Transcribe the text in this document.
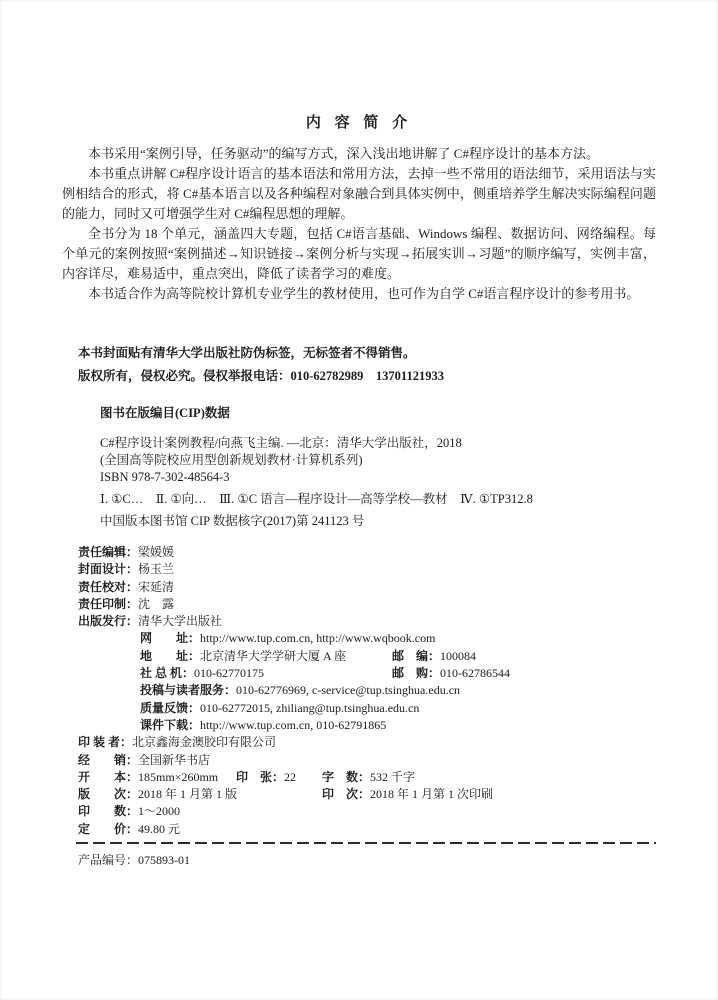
内 容 简 介

本书采用“案例引导，任务驱动”的编写方式，深入浅出地讲解了 C#程序设计的基本方法。

本书重点讲解 C#程序设计语言的基本语法和常用方法，去掉一些不常用的语法细节，采用语法与实例相结合的形式，将 C#基本语言以及各种编程对象融合到具体实例中，侧重培养学生解决实际编程问题的能力，同时又可增强学生对 C#编程思想的理解。

全书分为 18 个单元，涵盖四大专题，包括 C#语言基础、Windows 编程、数据访问、网络编程。每个单元的案例按照“案例描述→知识链接→案例分析与实现→拓展实训→习题”的顺序编写，实例丰富，内容详尽，难易适中，重点突出，降低了读者学习的难度。

本书适合作为高等院校计算机专业学生的教材使用，也可作为自学 C#语言程序设计的参考用书。

本书封面贴有清华大学出版社防伪标签，无标签者不得销售。
版权所有，侵权必究。侵权举报电话：010-62782989　13701121933
图书在版编目(CIP)数据
C#程序设计案例教程/向燕飞主编. —北京：清华大学出版社，2018
(全国高等院校应用型创新规划教材·计算机系列)
ISBN 978-7-302-48564-3
Ⅰ. ①C…　Ⅱ. ①向…　Ⅲ. ①C 语言—程序设计—高等学校—教材　Ⅳ. ①TP312.8
中国版本图书馆 CIP 数据核字(2017)第 241123 号
责任编辑：梁媛媛
封面设计：杨玉兰
责任校对：宋延清
责任印制：沈　露
出版发行：清华大学出版社
网　　址：http://www.tup.com.cn, http://www.wqbook.com
地　　址：北京清华大学学研大厦 A 座	邮　编：100084
社 总 机：010-62770175	邮　购：010-62786544
投稿与读者服务：010-62776969, c-service@tup.tsinghua.edu.cn
质量反馈：010-62772015, zhiliang@tup.tsinghua.edu.cn
课件下载：http://www.tup.com.cn, 010-62791865
印 装 者：北京鑫海金澳胶印有限公司
经　　销：全国新华书店
开　　本：185mm×260mm 印　张：22 字　数：532 千字
版　　次：2018 年 1 月第 1 版	印　次：2018 年 1 月第 1 次印刷
印　　数：1～2000
定　　价：49.80 元
产品编号：075893-01
